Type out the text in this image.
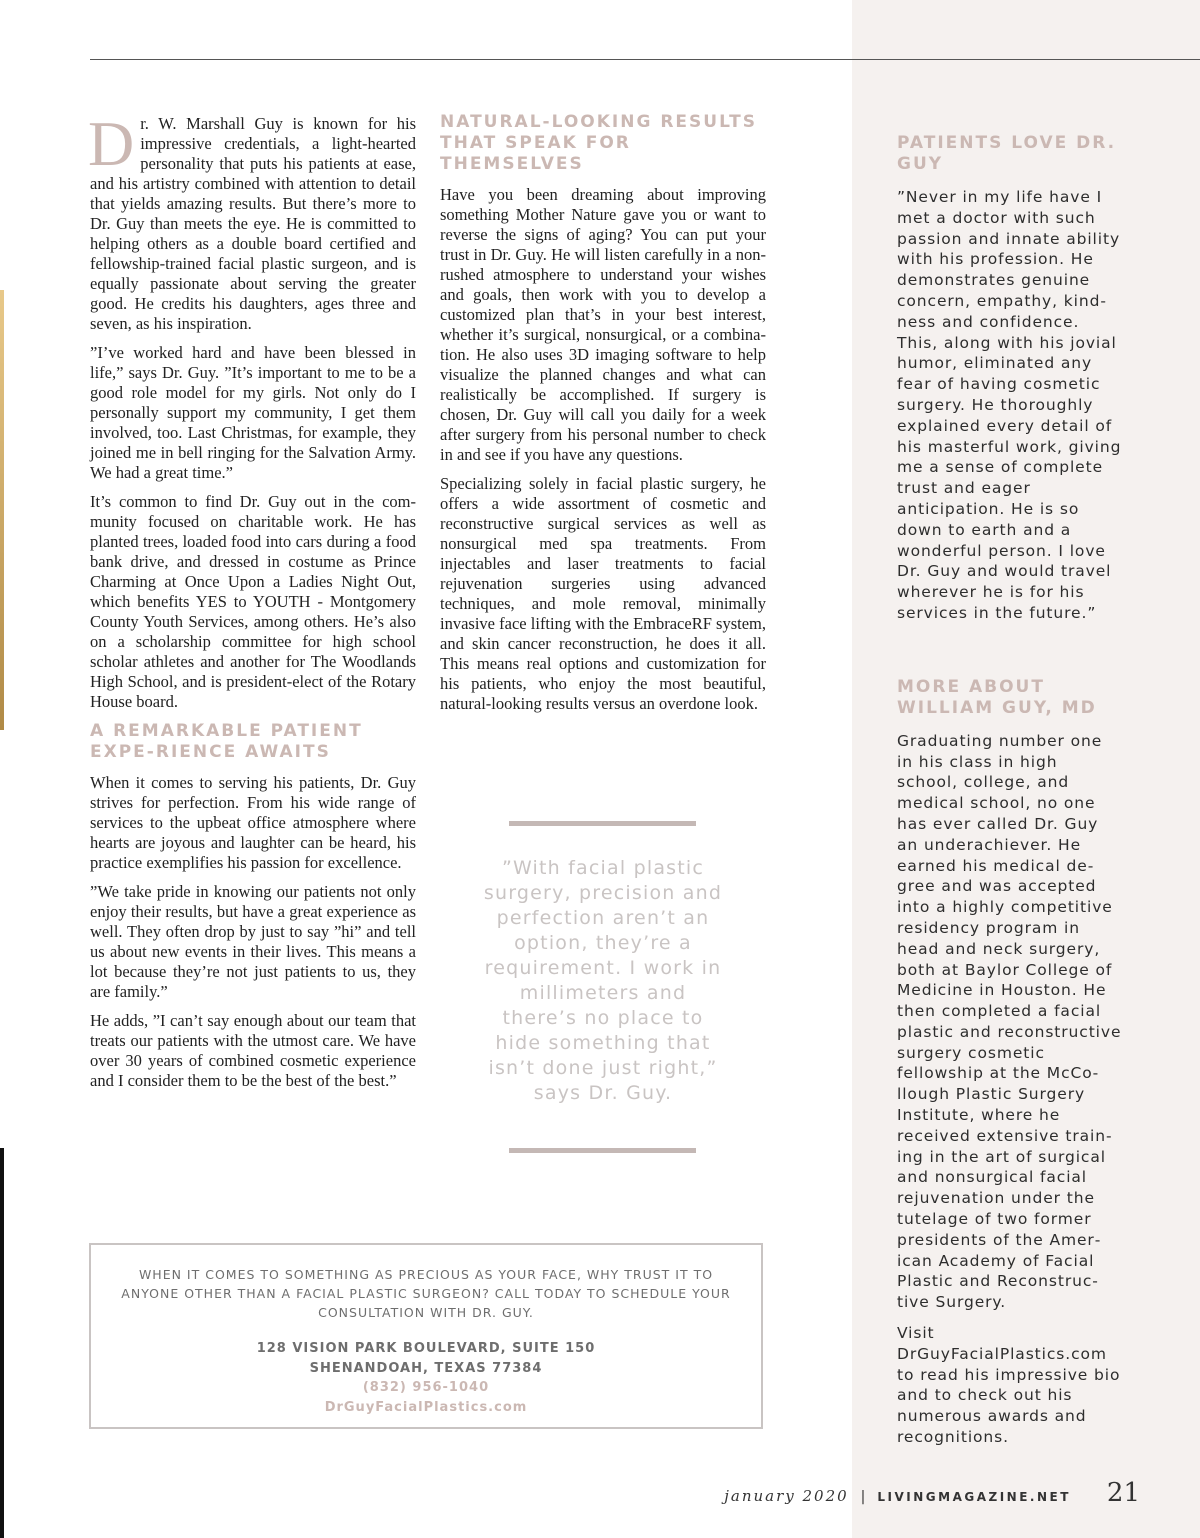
Dr. W. Marshall Guy is known for his impressive credentials, a light-hearted personality that puts his patients at ease, and his artistry combined with attention to detail that yields amazing results. But there’s more to Dr. Guy than meets the eye. He is committed to helping others as a double board certified and fellowship-trained facial plastic surgeon, and is equally passionate about serving the greater good. He credits his daughters, ages three and seven, as his inspiration.

”I’ve worked hard and have been blessed in life,” says Dr. Guy. ”It’s important to me to be a good role model for my girls. Not only do I personally support my community, I get them involved, too. Last Christmas, for example, they joined me in bell ringing for the Salvation Army. We had a great time.”

It’s common to find Dr. Guy out in the community focused on charitable work. He has planted trees, loaded food into cars during a food bank drive, and dressed in costume as Prince Charming at Once Upon a Ladies Night Out, which benefits YES to YOUTH - Montgomery County Youth Services, among others. He’s also on a scholarship committee for high school scholar athletes and another for The Woodlands High School, and is president-elect of the Rotary House board.

A REMARKABLE PATIENT EXPE-RIENCE AWAITS

When it comes to serving his patients, Dr. Guy strives for perfection. From his wide range of services to the upbeat office atmosphere where hearts are joyous and laughter can be heard, his practice exemplifies his passion for excellence.

”We take pride in knowing our patients not only enjoy their results, but have a great experience as well. They often drop by just to say ”hi” and tell us about new events in their lives. This means a lot because they’re not just patients to us, they are family.”

He adds, ”I can’t say enough about our team that treats our patients with the utmost care. We have over 30 years of combined cosmetic experience and I consider them to be the best of the best.”

NATURAL-LOOKING RESULTS THAT SPEAK FOR THEMSELVES

Have you been dreaming about improving something Mother Nature gave you or want to reverse the signs of aging? You can put your trust in Dr. Guy. He will listen carefully in a non-rushed atmosphere to understand your wishes and goals, then work with you to develop a customized plan that’s in your best interest, whether it’s surgical, nonsurgical, or a combination. He also uses 3D imaging software to help visualize the planned changes and what can realistically be accomplished. If surgery is chosen, Dr. Guy will call you daily for a week after surgery from his personal number to check in and see if you have any questions.

Specializing solely in facial plastic surgery, he offers a wide assortment of cosmetic and reconstructive surgical services as well as nonsurgical med spa treatments. From injectables and laser treatments to facial rejuvenation surgeries using advanced techniques, and mole removal, minimally invasive face lifting with the EmbraceRF system, and skin cancer reconstruction, he does it all. This means real options and customization for his patients, who enjoy the most beautiful, natural-looking results versus an overdone look.

”With facial plastic surgery, precision and perfection aren’t an option, they’re a requirement. I work in millimeters and there’s no place to hide something that isn’t done just right,” says Dr. Guy.
WHEN IT COMES TO SOMETHING AS PRECIOUS AS YOUR FACE, WHY TRUST IT TO ANYONE OTHER THAN A FACIAL PLASTIC SURGEON? CALL TODAY TO SCHEDULE YOUR CONSULTATION WITH DR. GUY.
128 VISION PARK BOULEVARD, SUITE 150
SHENANDOAH, TEXAS 77384
(832) 956-1040
DrGuyFacialPlastics.com
PATIENTS LOVE DR. GUY

”Never in my life have I met a doctor with such passion and innate ability with his profession. He demonstrates genuine concern, empathy, kindness and confidence. This, along with his jovial humor, eliminated any fear of having cosmetic surgery. He thoroughly explained every detail of his masterful work, giving me a sense of complete trust and eager anticipation. He is so down to earth and a wonderful person. I love Dr. Guy and would travel wherever he is for his services in the future.”

MORE ABOUT WILLIAM GUY, MD

Graduating number one in his class in high school, college, and medical school, no one has ever called Dr. Guy an underachiever. He earned his medical degree and was accepted into a highly competitive residency program in head and neck surgery, both at Baylor College of Medicine in Houston. He then completed a facial plastic and reconstructive surgery cosmetic fellowship at the McCollough Plastic Surgery Institute, where he received extensive training in the art of surgical and nonsurgical facial rejuvenation under the tutelage of two former presidents of the American Academy of Facial Plastic and Reconstructive Surgery.

Visit DrGuyFacialPlastics.com to read his impressive bio and to check out his numerous awards and recognitions.

january 2020 | LIVINGMAGAZINE.NET 21
